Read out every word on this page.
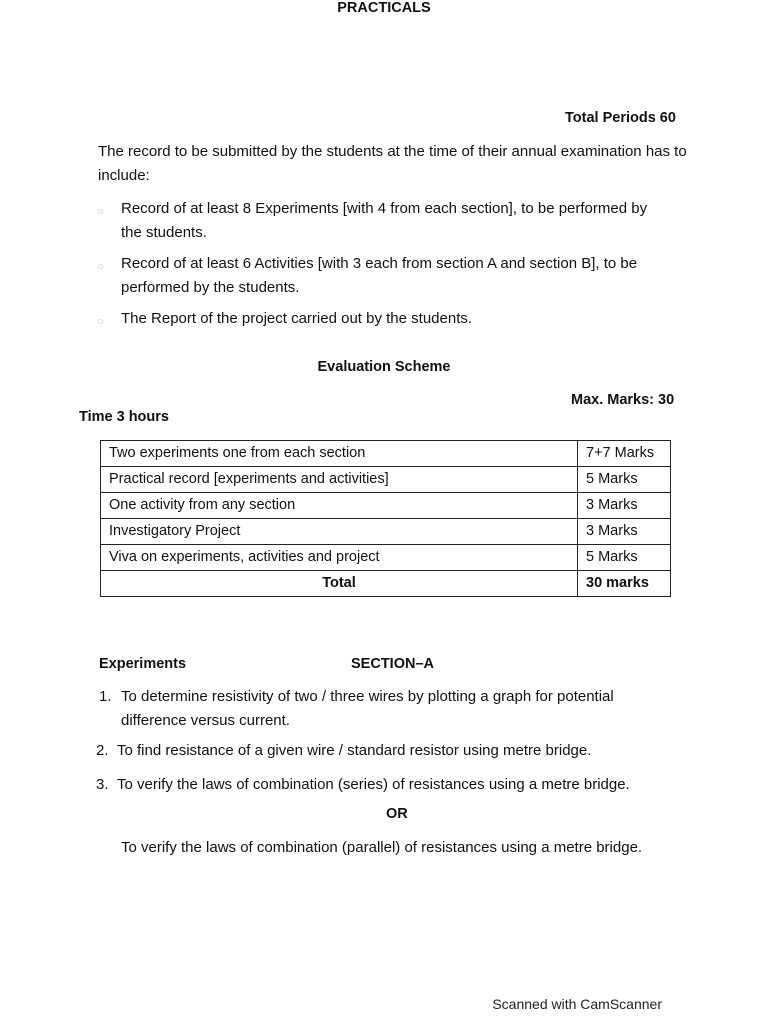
PRACTICALS
Total Periods 60
The record to be submitted by the students at the time of their annual examination has to
include:
◌ Record of at least 8 Experiments [with 4 from each section], to be performed by
the students.
◌ Record of at least 6 Activities [with 3 each from section A and section B], to be
performed by the students.
◌ The Report of the project carried out by the students.
Evaluation Scheme
Max. Marks: 30
Time 3 hours
Two experiments one from each section	7+7 Marks
Practical record [experiments and activities]	5 Marks
One activity from any section	3 Marks
Investigatory Project	3 Marks
Viva on experiments, activities and project	5 Marks
Total	30 marks
Experiments	SECTION–A
1. To determine resistivity of two / three wires by plotting a graph for potential
difference versus current.
2. To find resistance of a given wire / standard resistor using metre bridge.
3. To verify the laws of combination (series) of resistances using a metre bridge.
OR
To verify the laws of combination (parallel) of resistances using a metre bridge.
Scanned with CamScanner
